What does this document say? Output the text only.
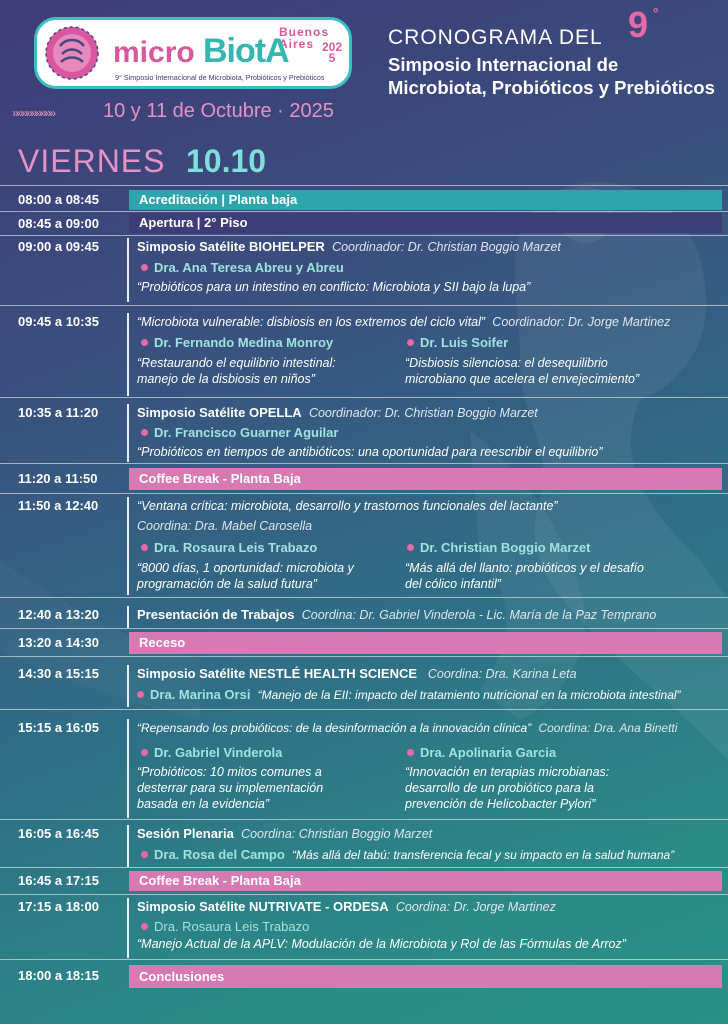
Buenos Aires
micro BiotA	2025
9° Simposio Internacional de Microbiota, Probióticos y Prebióticos
»»»»»»»»» 10 y 11 de Octubre · 2025
CRONOGRAMA DEL 9 °
Simposio Internacional de Microbiota, Probióticos y Prebióticos
VIERNES 10.10
08:00 a 08:45	Acreditación | Planta baja
08:45 a 09:00	Apertura | 2° Piso
09:00 a 09:45	Simposio Satélite BIOHELPER Coordinador: Dr. Christian Boggio Marzet
Dra. Ana Teresa Abreu y Abreu
“Probióticos para un intestino en conflicto: Microbiota y SII bajo la lupa”
09:45 a 10:35	“Microbiota vulnerable: disbiosis en los extremos del ciclo vital” Coordinador: Dr. Jorge Martinez
Dr. Fernando Medina Monroy
“Restaurando el equilibrio intestinal:
manejo de la disbiosis en niños”
Dr. Luis Soifer
“Disbiosis silenciosa: el desequilibrio
microbiano que acelera el envejecimiento”
10:35 a 11:20	Simposio Satélite OPELLA Coordinador: Dr. Christian Boggio Marzet
Dr. Francisco Guarner Aguilar
“Probióticos en tiempos de antibióticos: una oportunidad para reescribir el equilibrio”
11:20 a 11:50	Coffee Break - Planta Baja
11:50 a 12:40	“Ventana crítica: microbiota, desarrollo y trastornos funcionales del lactante”
Coordina: Dra. Mabel Carosella
Dra. Rosaura Leis Trabazo
“8000 días, 1 oportunidad: microbiota y
programación de la salud futura”
Dr. Christian Boggio Marzet
“Más allá del llanto: probióticos y el desafío
del cólico infantil”
12:40 a 13:20	Presentación de Trabajos Coordina: Dr. Gabriel Vinderola - Lic. María de la Paz Temprano
13:20 a 14:30	Receso
14:30 a 15:15	Simposio Satélite NESTLÉ HEALTH SCIENCE Coordina: Dra. Karina Leta
Dra. Marina Orsi “Manejo de la EII: impacto del tratamiento nutricional en la microbiota intestinal”
15:15 a 16:05	“Repensando los probióticos: de la desinformación a la innovación clínica” Coordina: Dra. Ana Binetti
Dr. Gabriel Vinderola
“Probióticos: 10 mitos comunes a
desterrar para su implementación
basada en la evidencia”
Dra. Apolinaria Garcia
“Innovación en terapias microbianas:
desarrollo de un probiótico para la
prevención de Helicobacter Pylori”
16:05 a 16:45	Sesión Plenaria Coordina: Christian Boggio Marzet
Dra. Rosa del Campo “Más allá del tabú: transferencia fecal y su impacto en la salud humana”
16:45 a 17:15	Coffee Break - Planta Baja
17:15 a 18:00	Simposio Satélite NUTRIVATE - ORDESA Coordina: Dr. Jorge Martinez
Dra. Rosaura Leis Trabazo
“Manejo Actual de la APLV: Modulación de la Microbiota y Rol de las Fórmulas de Arroz”
18:00 a 18:15	Conclusiones
